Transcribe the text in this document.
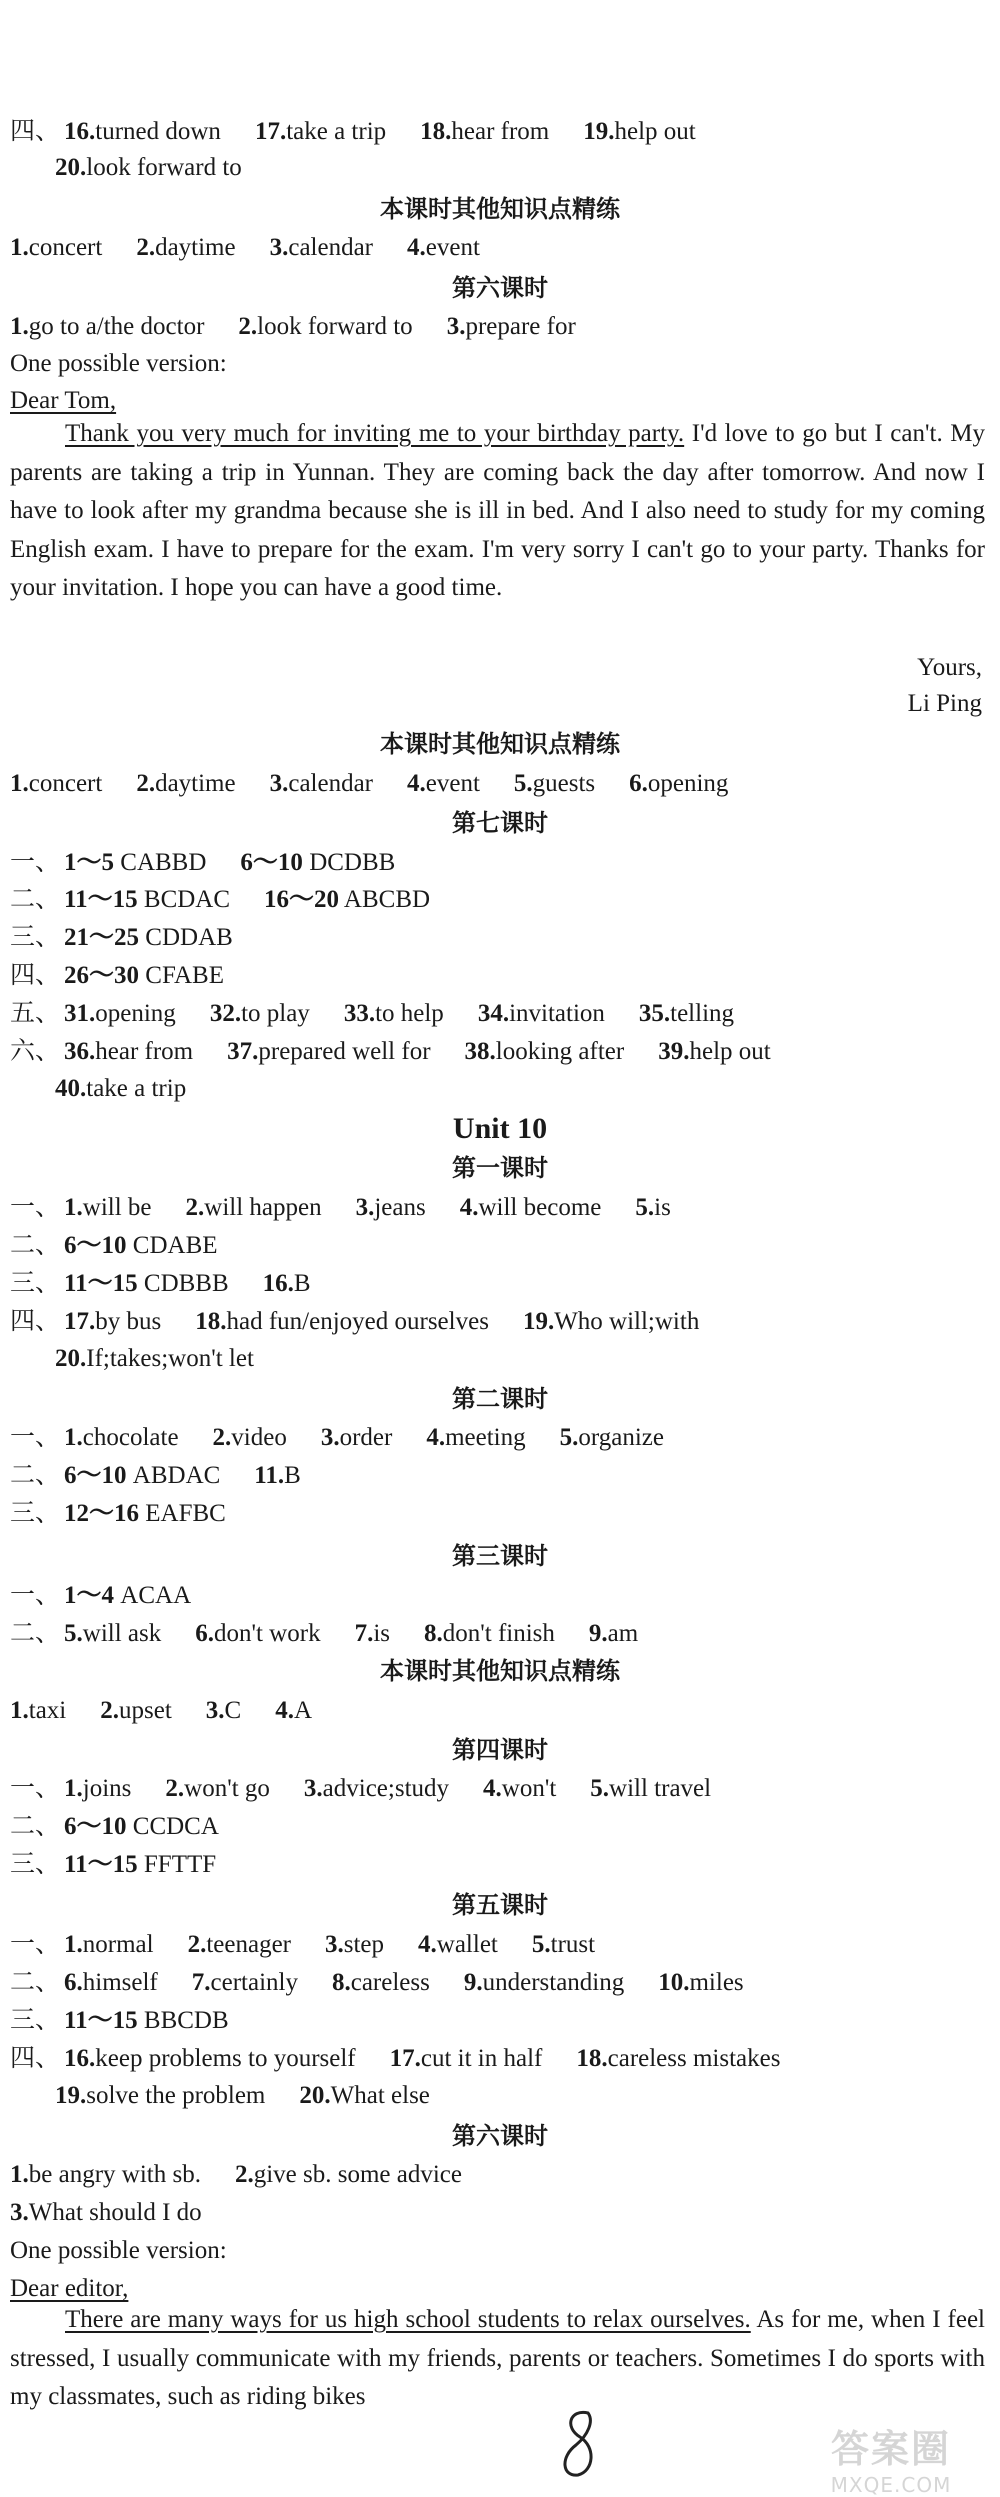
四、 16.turned down 17.take a trip 18.hear from 19.help out
20.look forward to
本课时其他知识点精练
1.concert 2.daytime 3.calendar 4.event
第六课时
1.go to a/the doctor 2.look forward to 3.prepare for
One possible version:
Dear Tom,
Yours,
Li Ping
本课时其他知识点精练
1.concert 2.daytime 3.calendar 4.event 5.guests 6.opening
第七课时
一、 1～5 CABBD 6～10 DCDBB
二、 11～15 BCDAC 16～20 ABCBD
三、 21～25 CDDAB
四、 26～30 CFABE
五、 31.opening 32.to play 33.to help 34.invitation 35.telling
六、 36.hear from 37.prepared well for 38.looking after 39.help out
40.take a trip
Unit 10
第一课时
一、 1.will be 2.will happen 3.jeans 4.will become 5.is
二、 6～10 CDABE
三、 11～15 CDBBB 16.B
四、 17.by bus 18.had fun/enjoyed ourselves 19.Who will;with
20.If;takes;won't let
第二课时
一、 1.chocolate 2.video 3.order 4.meeting 5.organize
二、 6～10 ABDAC 11.B
三、 12～16 EAFBC
第三课时
一、 1～4 ACAA
二、 5.will ask 6.don't work 7.is 8.don't finish 9.am
本课时其他知识点精练
1.taxi 2.upset 3.C 4.A
第四课时
一、 1.joins 2.won't go 3.advice;study 4.won't 5.will travel
二、 6～10 CCDCA
三、 11～15 FFTTF
第五课时
一、 1.normal 2.teenager 3.step 4.wallet 5.trust
二、 6.himself 7.certainly 8.careless 9.understanding 10.miles
三、 11～15 BBCDB
四、 16.keep problems to yourself 17.cut it in half 18.careless mistakes
19.solve the problem 20.What else
第六课时
1.be angry with sb. 2.give sb. some advice
3.What should I do
One possible version:
Dear editor,
Thank you very much for inviting me to your birthday party. I'd love to go but I can't. My parents are taking a trip in Yunnan. They are coming back the day after tomorrow. And now I have to look after my grandma because she is ill in bed. And I also need to study for my coming English exam. I have to prepare for the exam. I'm very sorry I can't go to your party. Thanks for your invitation. I hope you can have a good time.
There are many ways for us high school students to relax ourselves. As for me, when I feel stressed, I usually communicate with my friends, parents or teachers. Sometimes I do sports with my classmates, such as riding bikes
8
答案圈
MXQE.COM
